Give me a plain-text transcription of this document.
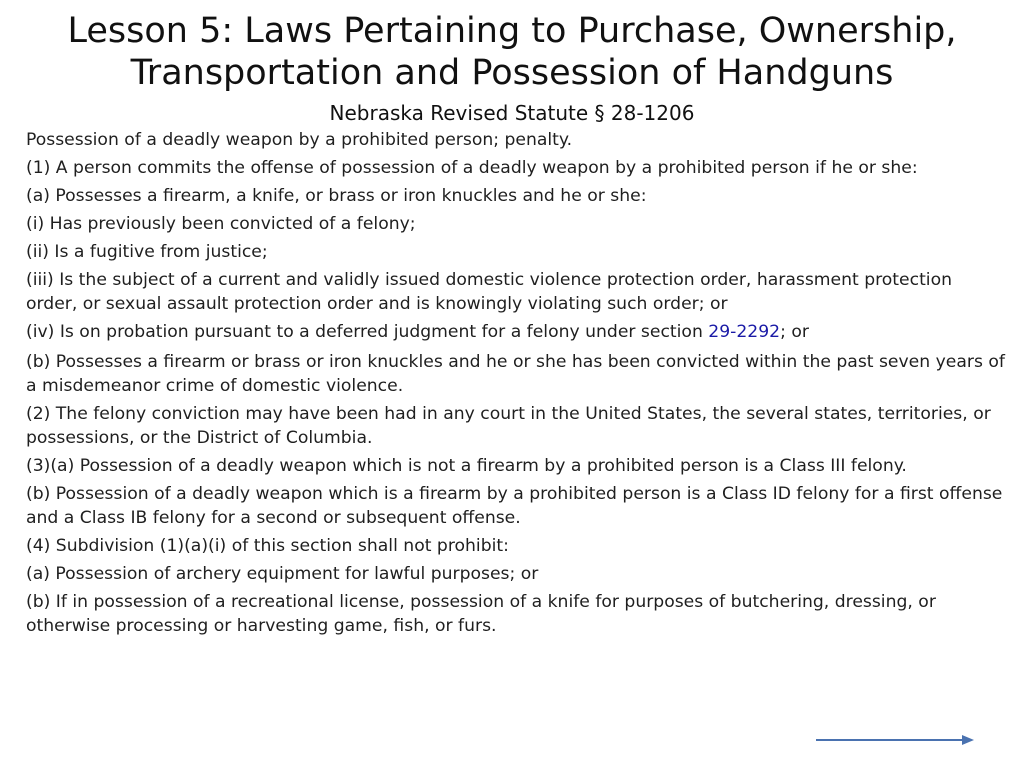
Lesson 5: Laws Pertaining to Purchase, Ownership,
Transportation and Possession of Handguns
Nebraska Revised Statute § 28-1206

Possession of a deadly weapon by a prohibited person; penalty.

(1) A person commits the offense of possession of a deadly weapon by a prohibited person if he or she:

(a) Possesses a firearm, a knife, or brass or iron knuckles and he or she:

(i) Has previously been convicted of a felony;

(ii) Is a fugitive from justice;

(iii) Is the subject of a current and validly issued domestic violence protection order, harassment protection order, or sexual assault protection order and is knowingly violating such order; or

(iv) Is on probation pursuant to a deferred judgment for a felony under section 29-2292; or

(b) Possesses a firearm or brass or iron knuckles and he or she has been convicted within the past seven years of a misdemeanor crime of domestic violence.

(2) The felony conviction may have been had in any court in the United States, the several states, territories, or possessions, or the District of Columbia.

(3)(a) Possession of a deadly weapon which is not a firearm by a prohibited person is a Class III felony.

(b) Possession of a deadly weapon which is a firearm by a prohibited person is a Class ID felony for a first offense and a Class IB felony for a second or subsequent offense.

(4) Subdivision (1)(a)(i) of this section shall not prohibit:

(a) Possession of archery equipment for lawful purposes; or

(b) If in possession of a recreational license, possession of a knife for purposes of butchering, dressing, or otherwise processing or harvesting game, fish, or furs.
